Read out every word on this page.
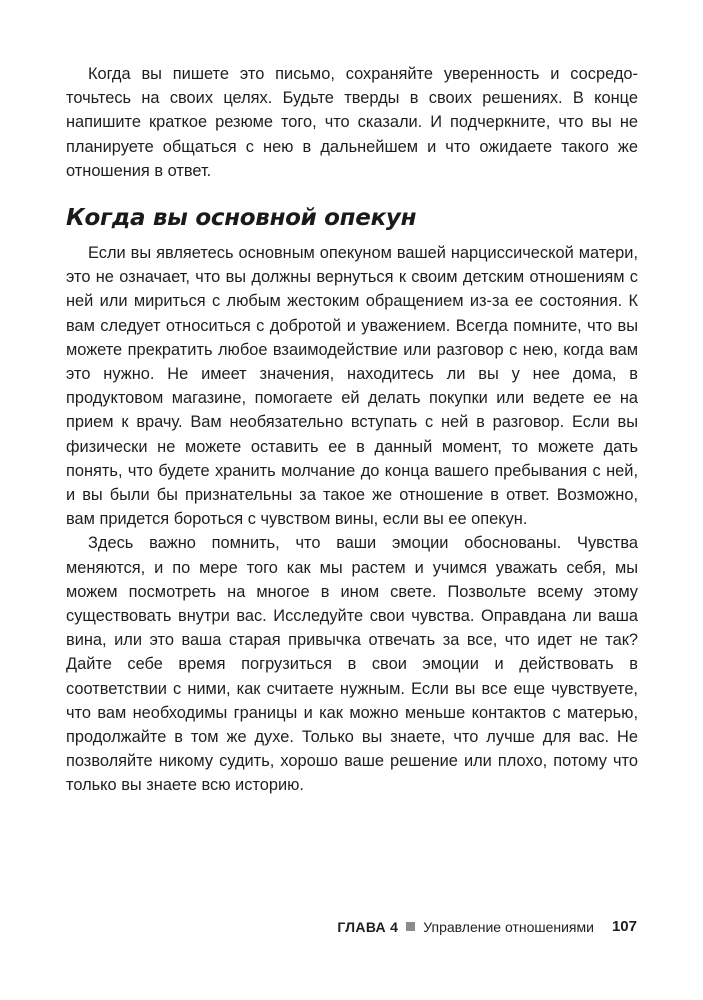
Когда вы пишете это письмо, сохраняйте уверенность и сосредоточьтесь на своих целях. Будьте тверды в своих решениях. В конце напишите краткое резюме того, что сказали. И подчеркните, что вы не планируете общаться с нею в дальнейшем и что ожидаете такого же отношения в ответ.

Когда вы основной опекун

Если вы являетесь основным опекуном вашей нарциссической матери, это не означает, что вы должны вернуться к своим детским отношениям с ней или мириться с любым жестоким обращением из-за ее состояния. К вам следует относиться с добротой и уважением. Всегда помните, что вы можете прекратить любое взаимодействие или разговор с нею, когда вам это нужно. Не имеет значения, находитесь ли вы у нее дома, в продуктовом магазине, помогаете ей делать покупки или ведете ее на прием к врачу. Вам необязательно вступать с ней в разговор. Если вы физически не можете оставить ее в данный момент, то можете дать понять, что будете хранить молчание до конца вашего пребывания с ней, и вы были бы признательны за такое же отношение в ответ. Возможно, вам придется бороться с чувством вины, если вы ее опекун.

Здесь важно помнить, что ваши эмоции обоснованы. Чувства меняются, и по мере того как мы растем и учимся уважать себя, мы можем посмотреть на многое в ином свете. Позвольте всему этому существовать внутри вас. Исследуйте свои чувства. Оправдана ли ваша вина, или это ваша старая привычка отвечать за все, что идет не так? Дайте себе время погрузиться в свои эмоции и действовать в соответствии с ними, как считаете нужным. Если вы все еще чувствуете, что вам необходимы границы и как можно меньше контактов с матерью, продолжайте в том же духе. Только вы знаете, что лучше для вас. Не позволяйте никому судить, хорошо ваше решение или плохо, потому что только вы знаете всю историю.

ГЛАВА 4 Управление отношениями 107
